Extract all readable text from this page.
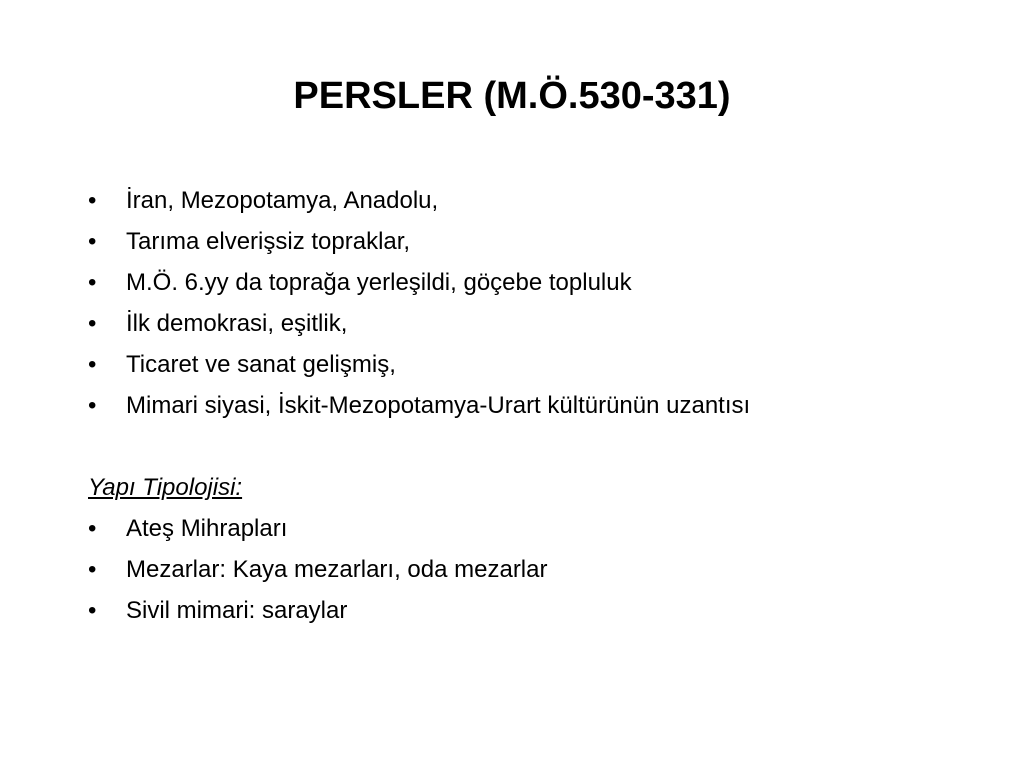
PERSLER (M.Ö.530-331)
• İran, Mezopotamya, Anadolu,
• Tarıma elverişsiz topraklar,
• M.Ö. 6.yy da toprağa yerleşildi, göçebe topluluk
• İlk demokrasi, eşitlik,
• Ticaret ve sanat gelişmiş,
• Mimari siyasi, İskit-Mezopotamya-Urart kültürünün uzantısı
Yapı Tipolojisi:
• Ateş Mihrapları
• Mezarlar: Kaya mezarları, oda mezarlar
• Sivil mimari: saraylar
